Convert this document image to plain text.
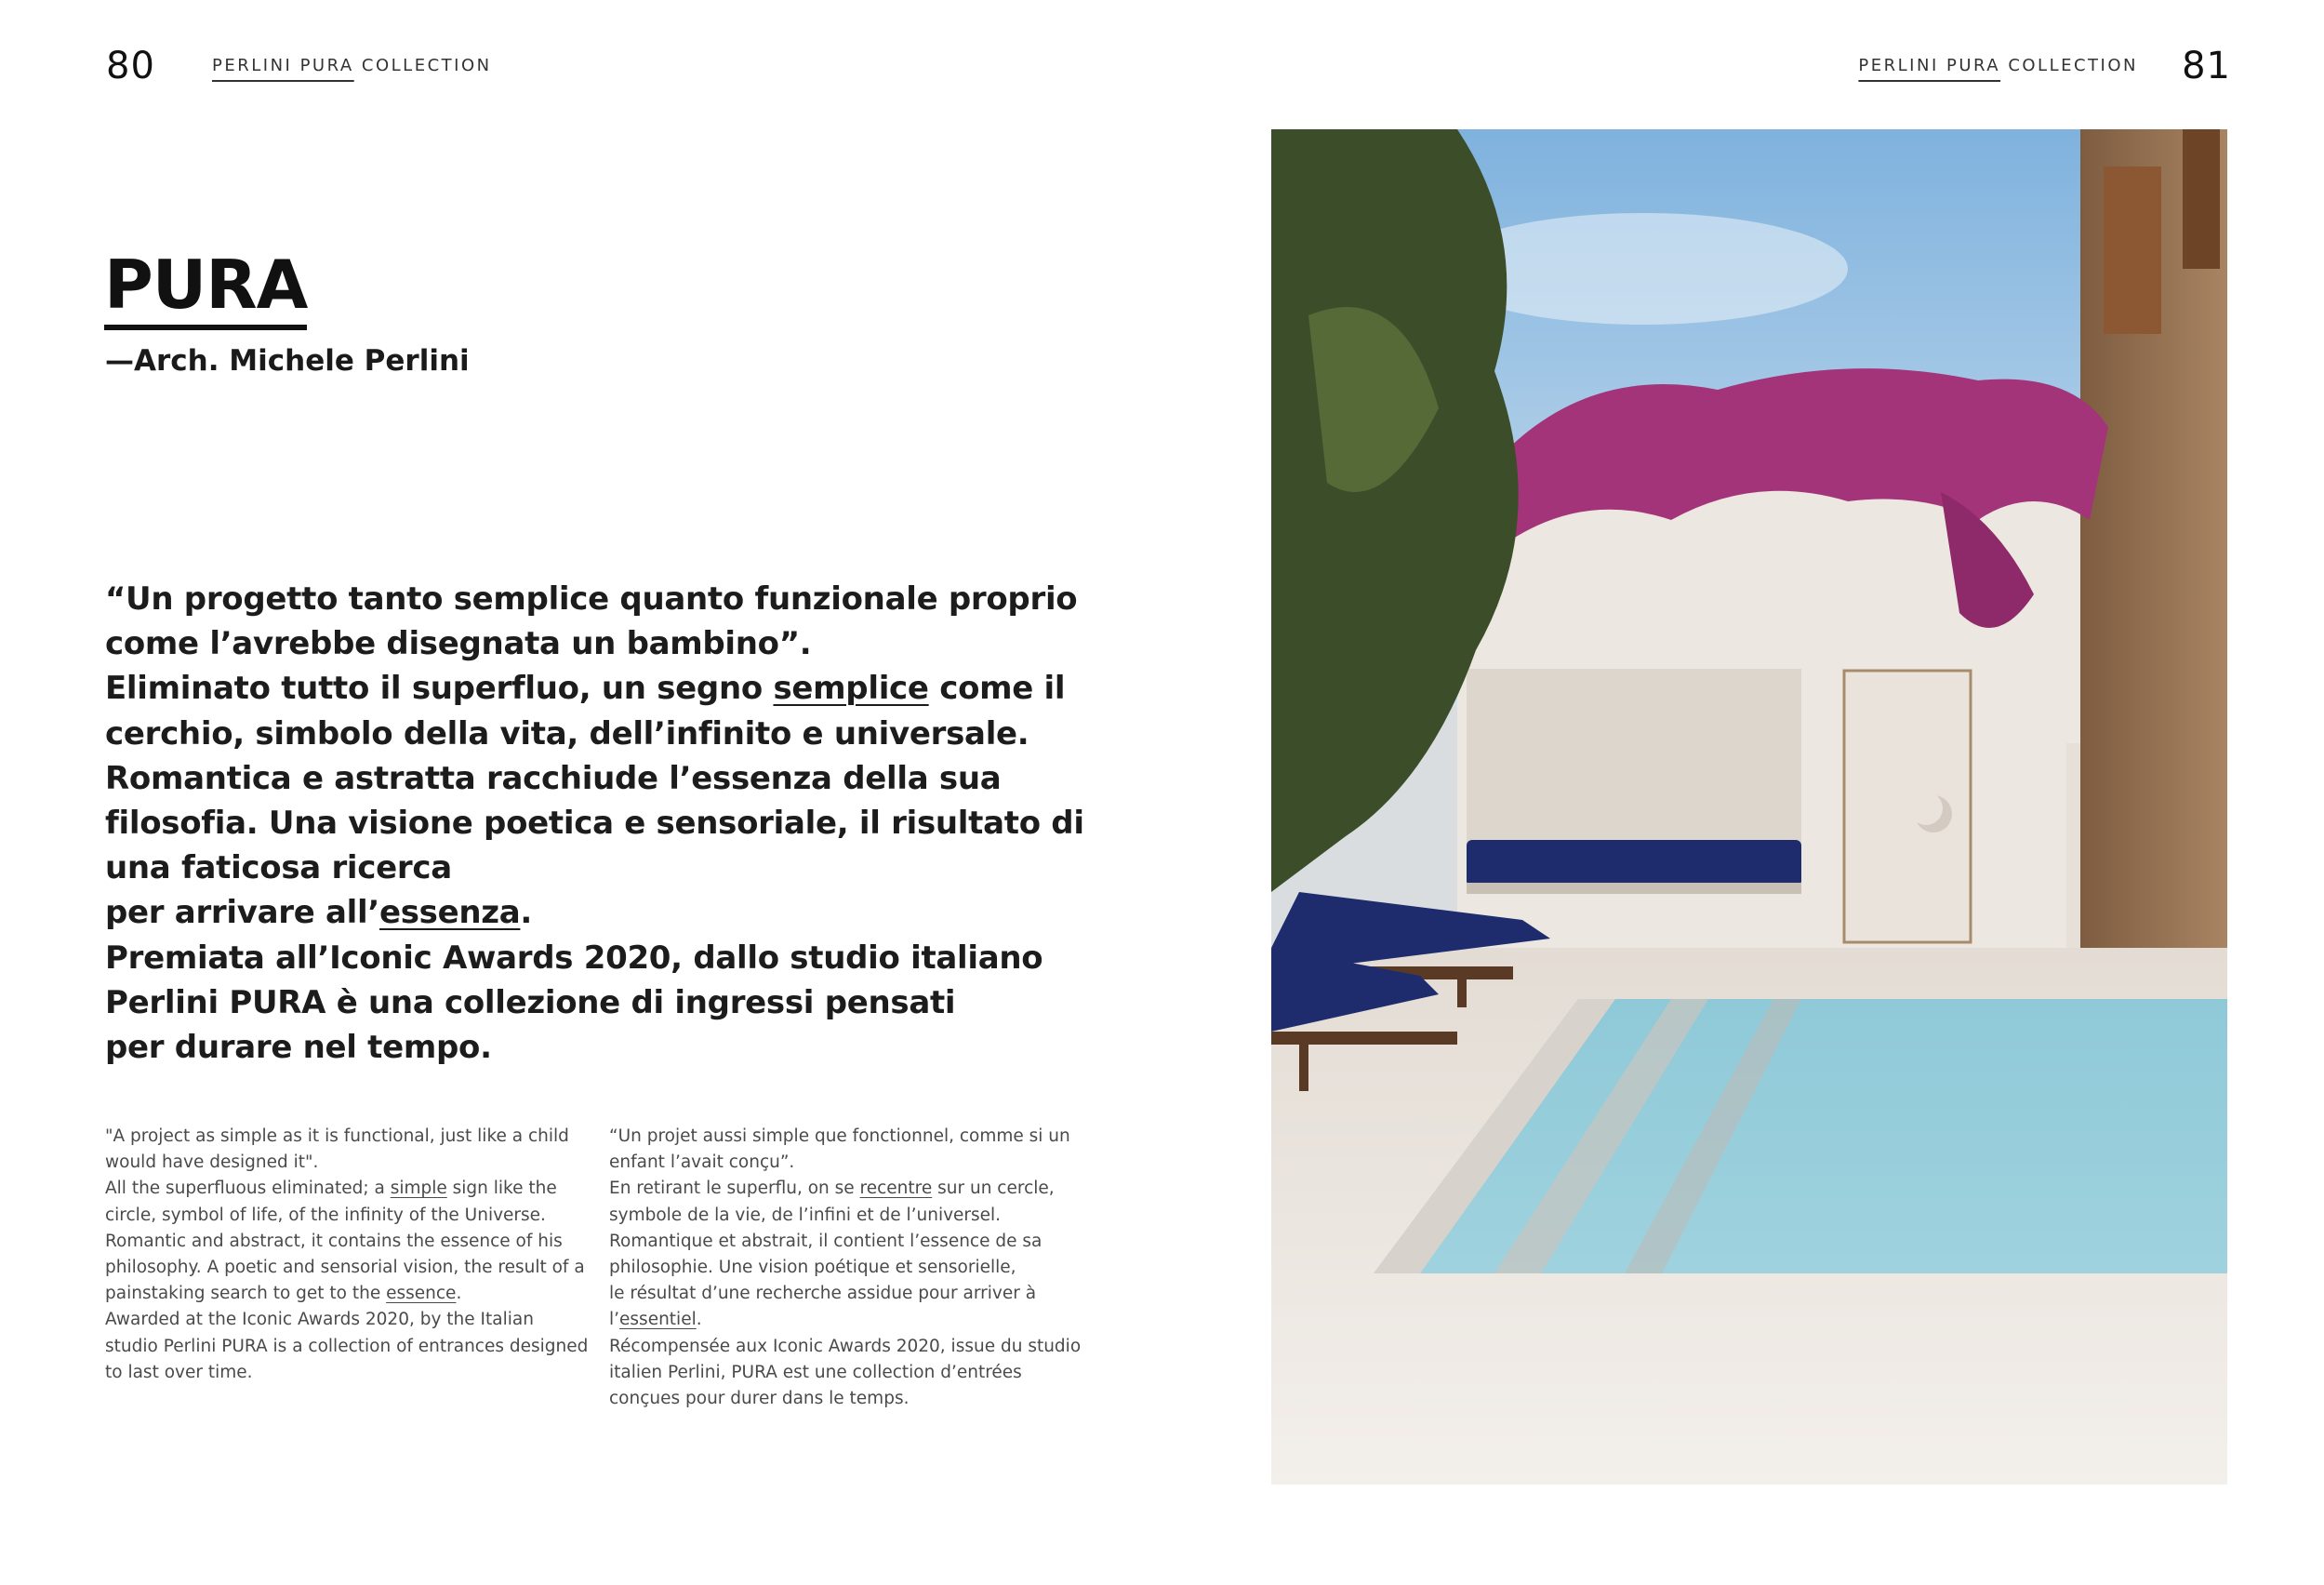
80	PERLINI PURA COLLECTION	PERLINI PURA COLLECTION 81
PURA
—Arch. Michele Perlini

“Un progetto tanto semplice quanto funzionale proprio come l’avrebbe disegnata un bambino”.

Eliminato tutto il superfluo, un segno semplice come il cerchio, simbolo della vita, dell’infinito e universale. Romantica e astratta racchiude l’essenza della sua filosofia. Una visione poetica e sensoriale, il risultato di una faticosa ricerca
per arrivare all’essenza.

Premiata all’Iconic Awards 2020, dallo studio italiano Perlini PURA è una collezione di ingressi pensati
per durare nel tempo.

"A project as simple as it is functional, just like a child would have designed it".

All the superfluous eliminated; a simple sign like the circle, symbol of life, of the infinity of the Universe. Romantic and abstract, it contains the essence of his philosophy. A poetic and sensorial vision, the result of a painstaking search to get to the essence.

Awarded at the Iconic Awards 2020, by the Italian studio Perlini PURA is a collection of entrances designed to last over time.

“Un projet aussi simple que fonctionnel, comme si un enfant l’avait conçu”.

En retirant le superflu, on se recentre sur un cercle, symbole de la vie, de l’infini et de l’universel. Romantique et abstrait, il contient l’essence de sa philosophie. Une vision poétique et sensorielle,
le résultat d’une recherche assidue pour arriver à
l’essentiel.

Récompensée aux Iconic Awards 2020, issue du studio italien Perlini, PURA est une collection d’entrées conçues pour durer dans le temps.
